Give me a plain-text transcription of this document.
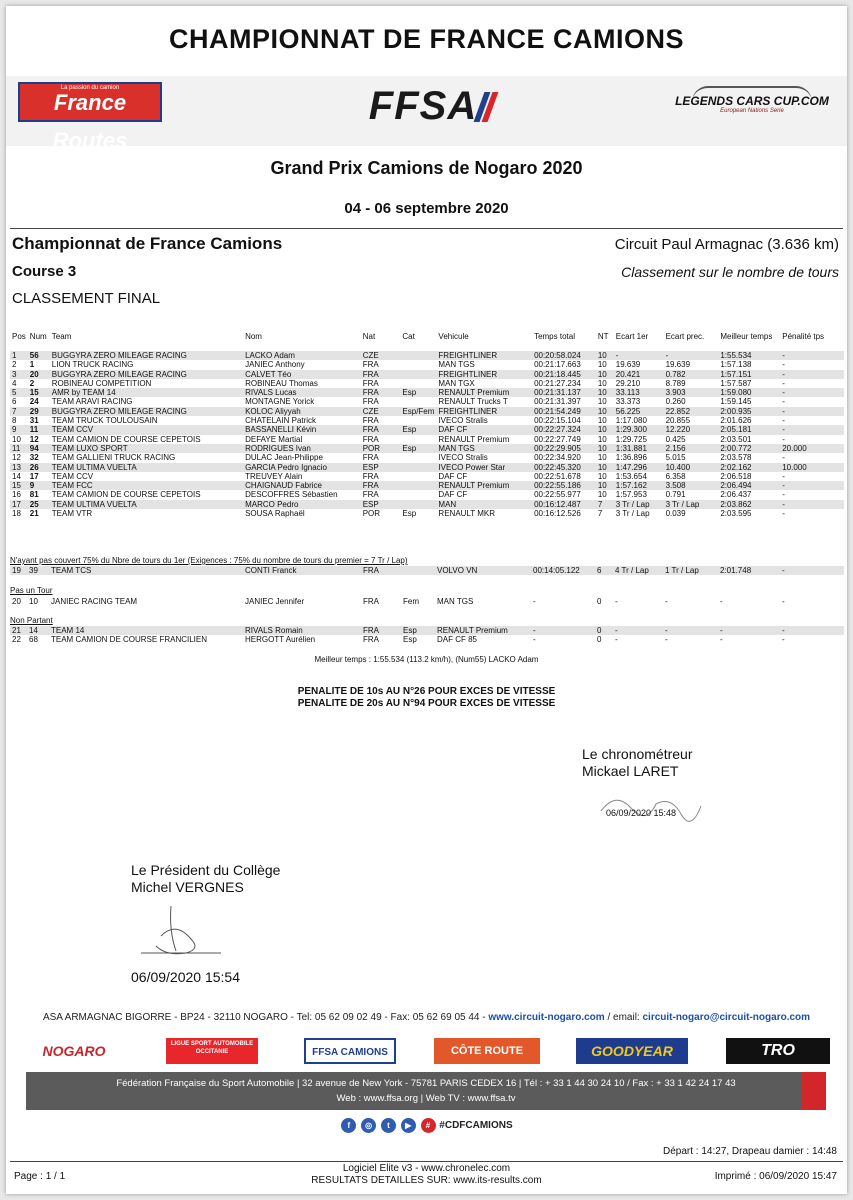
CHAMPIONNAT DE FRANCE CAMIONS
La passion du camion
France Routes
FFSA	LEGENDS CARS CUP.COM
European Nations Serie
Grand Prix Camions de Nogaro 2020
04 - 06 septembre 2020
Championnat de France Camions	Circuit Paul Armagnac (3.636 km)
Course 3	Classement sur le nombre de tours
CLASSEMENT FINAL
Pos	Num	Team	Nom	Nat	Cat	Vehicule	Temps total	NT	Ecart 1er	Ecart prec.	Meilleur temps	Pénalité tps

1	56	BUGGYRA ZERO MILEAGE RACING	LACKO Adam	CZE		FREIGHTLINER	00:20:58.024	10	-	-	1:55.534	-
2	1	LION TRUCK RACING	JANIEC Anthony	FRA		MAN TGS	00:21:17.663	10	19.639	19.639	1:57.138	-
3	20	BUGGYRA ZERO MILEAGE RACING	CALVET Téo	FRA		FREIGHTLINER	00:21:18.445	10	20.421	0.782	1:57.151	-
4	2	ROBINEAU COMPETITION	ROBINEAU Thomas	FRA		MAN TGX	00:21:27.234	10	29.210	8.789	1:57.587	-
5	15	AMR by TEAM 14	RIVALS Lucas	FRA	Esp	RENAULT Premium	00:21:31.137	10	33.113	3.903	1:59.080	-
6	24	TEAM ARAVI RACING	MONTAGNE Yorick	FRA		RENAULT Trucks T	00:21:31.397	10	33.373	0.260	1:59.145	-
7	29	BUGGYRA ZERO MILEAGE RACING	KOLOC Aliyyah	CZE	Esp/Fem	FREIGHTLINER	00:21:54.249	10	56.225	22.852	2:00.935	-
8	31	TEAM TRUCK TOULOUSAIN	CHATELAIN Patrick	FRA		IVECO Stralis	00:22:15.104	10	1:17.080	20.855	2:01.626	-
9	11	TEAM CCV	BASSANELLI Kévin	FRA	Esp	DAF CF	00:22:27.324	10	1:29.300	12.220	2:05.181	-
10	12	TEAM CAMION DE COURSE CEPETOIS	DEFAYE Martial	FRA		RENAULT Premium	00:22:27.749	10	1:29.725	0.425	2:03.501	-
11	94	TEAM LUXO SPORT	RODRIGUES Ivan	POR	Esp	MAN TGS	00:22:29.905	10	1:31.881	2.156	2:00.772	20.000
12	32	TEAM GALLIENI TRUCK RACING	DULAC Jean-Philippe	FRA		IVECO Stralis	00:22:34.920	10	1:36.896	5.015	2:03.578	-
13	26	TEAM ULTIMA VUELTA	GARCIA Pedro Ignacio	ESP		IVECO Power Star	00:22:45.320	10	1:47.296	10.400	2:02.162	10.000
14	17	TEAM CCV	TREUVEY Alain	FRA		DAF CF	00:22:51.678	10	1:53.654	6.358	2:06.518	-
15	9	TEAM FCC	CHAIGNAUD Fabrice	FRA		RENAULT Premium	00:22:55.186	10	1:57.162	3.508	2:06.494	-
16	81	TEAM CAMION DE COURSE CEPETOIS	DESCOFFRES Sébastien	FRA		DAF CF	00:22:55.977	10	1:57.953	0.791	2:06.437	-
17	25	TEAM ULTIMA VUELTA	MARCO Pedro	ESP		MAN	00:16:12.487	7	3 Tr / Lap	3 Tr / Lap	2:03.862	-
18	21	TEAM VTR	SOUSA Raphaël	POR	Esp	RENAULT MKR	00:16:12.526	7	3 Tr / Lap	0.039	2:03.595	-
N'ayant pas couvert 75% du Nbre de tours du 1er (Exigences : 75% du nombre de tours du premier = 7 Tr / Lap)
19	39	TEAM TCS	CONTI Franck	FRA		VOLVO VN	00:14:05.122	6	4 Tr / Lap	1 Tr / Lap	2:01.748	-
Pas un Tour
20	10	JANIEC RACING TEAM	JANIEC Jennifer	FRA	Fem	MAN TGS	-	0	-	-	-	-
Non Partant
21	14	TEAM 14	RIVALS Romain	FRA	Esp	RENAULT Premium	-	0	-	-	-	-
22	68	TEAM CAMION DE COURSE FRANCILIEN	HERGOTT Aurélien	FRA	Esp	DAF CF 85	-	0	-	-	-	-
Meilleur temps : 1:55.534 (113.2 km/h), (Num55) LACKO Adam
PENALITE DE 10s AU N°26 POUR EXCES DE VITESSE
PENALITE DE 20s AU N°94 POUR EXCES DE VITESSE
Le chronométreur
Mickael LARET
06/09/2020 15:48
Le Président du Collège
Michel VERGNES
06/09/2020 15:54
ASA ARMAGNAC BIGORRE - BP24 - 32110 NOGARO - Tel: 05 62 09 02 49 - Fax: 05 62 69 05 44 - www.circuit-nogaro.com / email: circuit-nogaro@circuit-nogaro.com
NOGARO	LIGUE SPORT AUTOMOBILE OCCITANIE	FFSA CAMIONS	CÔTE ROUTE	GOODYEAR	TRO
Fédération Française du Sport Automobile | 32 avenue de New York - 75781 PARIS CEDEX 16 | Tél : + 33 1 44 30 24 10 / Fax : + 33 1 42 24 17 43
Web : www.ffsa.org | Web TV : www.ffsa.tv
f ◎ t ▶ # #CDFCAMIONS
Départ : 14:27, Drapeau damier : 14:48
Page : 1 / 1
Logiciel Elite v3 - www.chronelec.com
RESULTATS DETAILLES SUR: www.its-results.com	Imprimé : 06/09/2020 15:47
